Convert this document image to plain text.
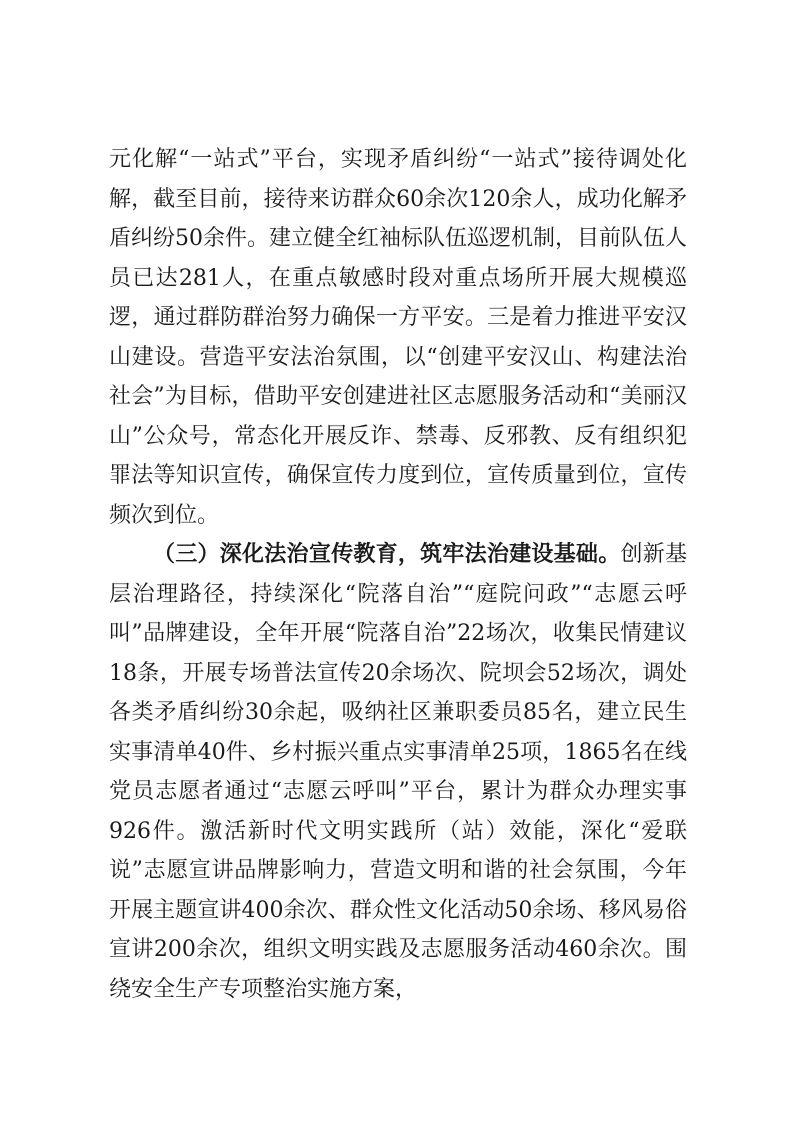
元化解“一站式”平台，实现矛盾纠纷“一站式”接待调处化解，截至目前，接待来访群众60余次120余人，成功化解矛盾纠纷50余件。建立健全红袖标队伍巡逻机制，目前队伍人员已达281人，在重点敏感时段对重点场所开展大规模巡逻，通过群防群治努力确保一方平安。三是着力推进平安汉山建设。营造平安法治氛围，以“创建平安汉山、构建法治社会”为目标，借助平安创建进社区志愿服务活动和“美丽汉山”公众号，常态化开展反诈、禁毒、反邪教、反有组织犯罪法等知识宣传，确保宣传力度到位，宣传质量到位，宣传频次到位。

（三）深化法治宣传教育，筑牢法治建设基础。创新基层治理路径，持续深化“院落自治”“庭院问政”“志愿云呼叫”品牌建设，全年开展“院落自治”22场次，收集民情建议18条，开展专场普法宣传20余场次、院坝会52场次，调处各类矛盾纠纷30余起，吸纳社区兼职委员85名，建立民生实事清单40件、乡村振兴重点实事清单25项，1865名在线党员志愿者通过“志愿云呼叫”平台，累计为群众办理实事926件。激活新时代文明实践所（站）效能，深化“爱联说”志愿宣讲品牌影响力，营造文明和谐的社会氛围，今年开展主题宣讲400余次、群众性文化活动50余场、移风易俗宣讲200余次，组织文明实践及志愿服务活动460余次。围绕安全生产专项整治实施方案，
